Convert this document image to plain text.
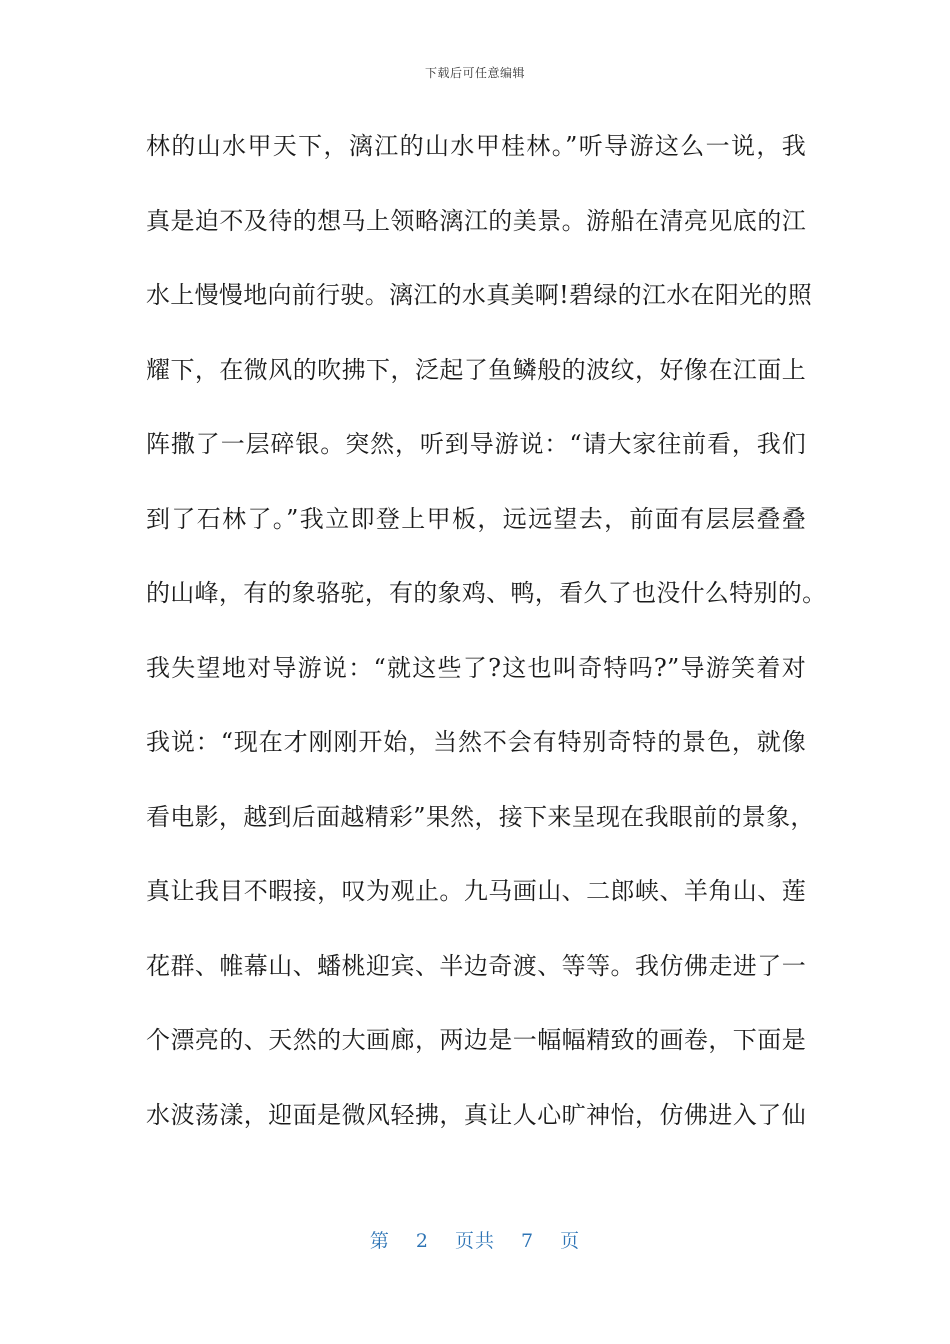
下载后可任意编辑
林的山水甲天下，漓江的山水甲桂林。”听导游这么一说，我
真是迫不及待的想马上领略漓江的美景。游船在清亮见底的江
水上慢慢地向前行驶。漓江的水真美啊!碧绿的江水在阳光的照
耀下，在微风的吹拂下，泛起了鱼鳞般的波纹，好像在江面上
阵撒了一层碎银。突然，听到导游说：“请大家往前看，我们
到了石林了。”我立即登上甲板，远远望去，前面有层层叠叠
的山峰，有的象骆驼，有的象鸡、鸭，看久了也没什么特别的。
我失望地对导游说：“就这些了?这也叫奇特吗?”导游笑着对
我说：“现在才刚刚开始，当然不会有特别奇特的景色，就像
看电影，越到后面越精彩”果然，接下来呈现在我眼前的景象，
真让我目不暇接，叹为观止。九马画山、二郎峡、羊角山、莲
花群、帷幕山、蟠桃迎宾、半边奇渡、等等。我仿佛走进了一
个漂亮的、天然的大画廊，两边是一幅幅精致的画卷，下面是
水波荡漾，迎面是微风轻拂，真让人心旷神怡，仿佛进入了仙
第 2 页共 7 页
